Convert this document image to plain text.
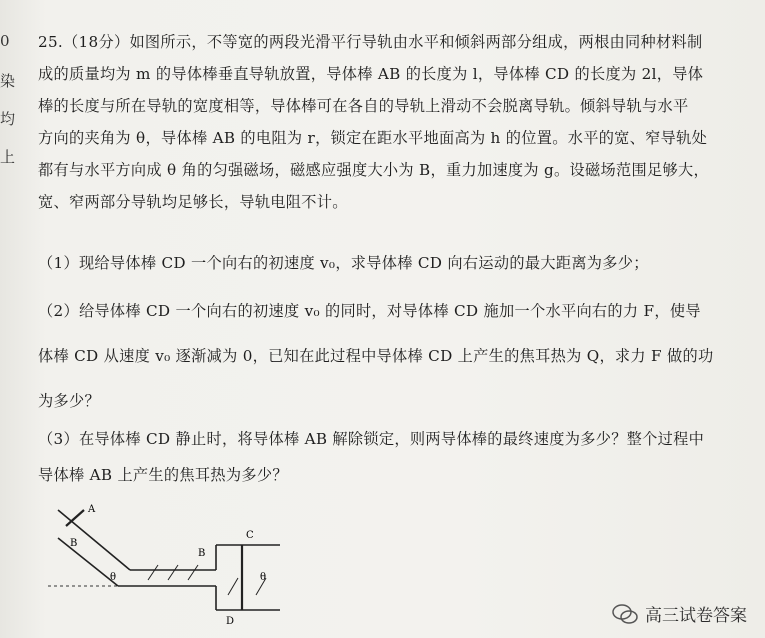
0
染
均
上
25.（18分）如图所示，不等宽的两段光滑平行导轨由水平和倾斜两部分组成，两根由同种材料制
成的质量均为 m 的导体棒垂直导轨放置，导体棒 AB 的长度为 l，导体棒 CD 的长度为 2l，导体
棒的长度与所在导轨的宽度相等，导体棒可在各自的导轨上滑动不会脱离导轨。倾斜导轨与水平
方向的夹角为 θ，导体棒 AB 的电阻为 r，锁定在距水平地面高为 h 的位置。水平的宽、窄导轨处
都有与水平方向成 θ 角的匀强磁场，磁感应强度大小为 B，重力加速度为 g。设磁场范围足够大，
宽、窄两部分导轨均足够长，导轨电阻不计。
（1）现给导体棒 CD 一个向右的初速度 v₀，求导体棒 CD 向右运动的最大距离为多少；
（2）给导体棒 CD 一个向右的初速度 v₀ 的同时，对导体棒 CD 施加一个水平向右的力 F，使导
体棒 CD 从速度 v₀ 逐渐减为 0，已知在此过程中导体棒 CD 上产生的焦耳热为 Q，求力 F 做的功
为多少？
（3）在导体棒 CD 静止时，将导体棒 AB 解除锁定，则两导体棒的最终速度为多少？整个过程中
导体棒 AB 上产生的焦耳热为多少？
A
B
B
C
D
θ	θ
高三试卷答案
